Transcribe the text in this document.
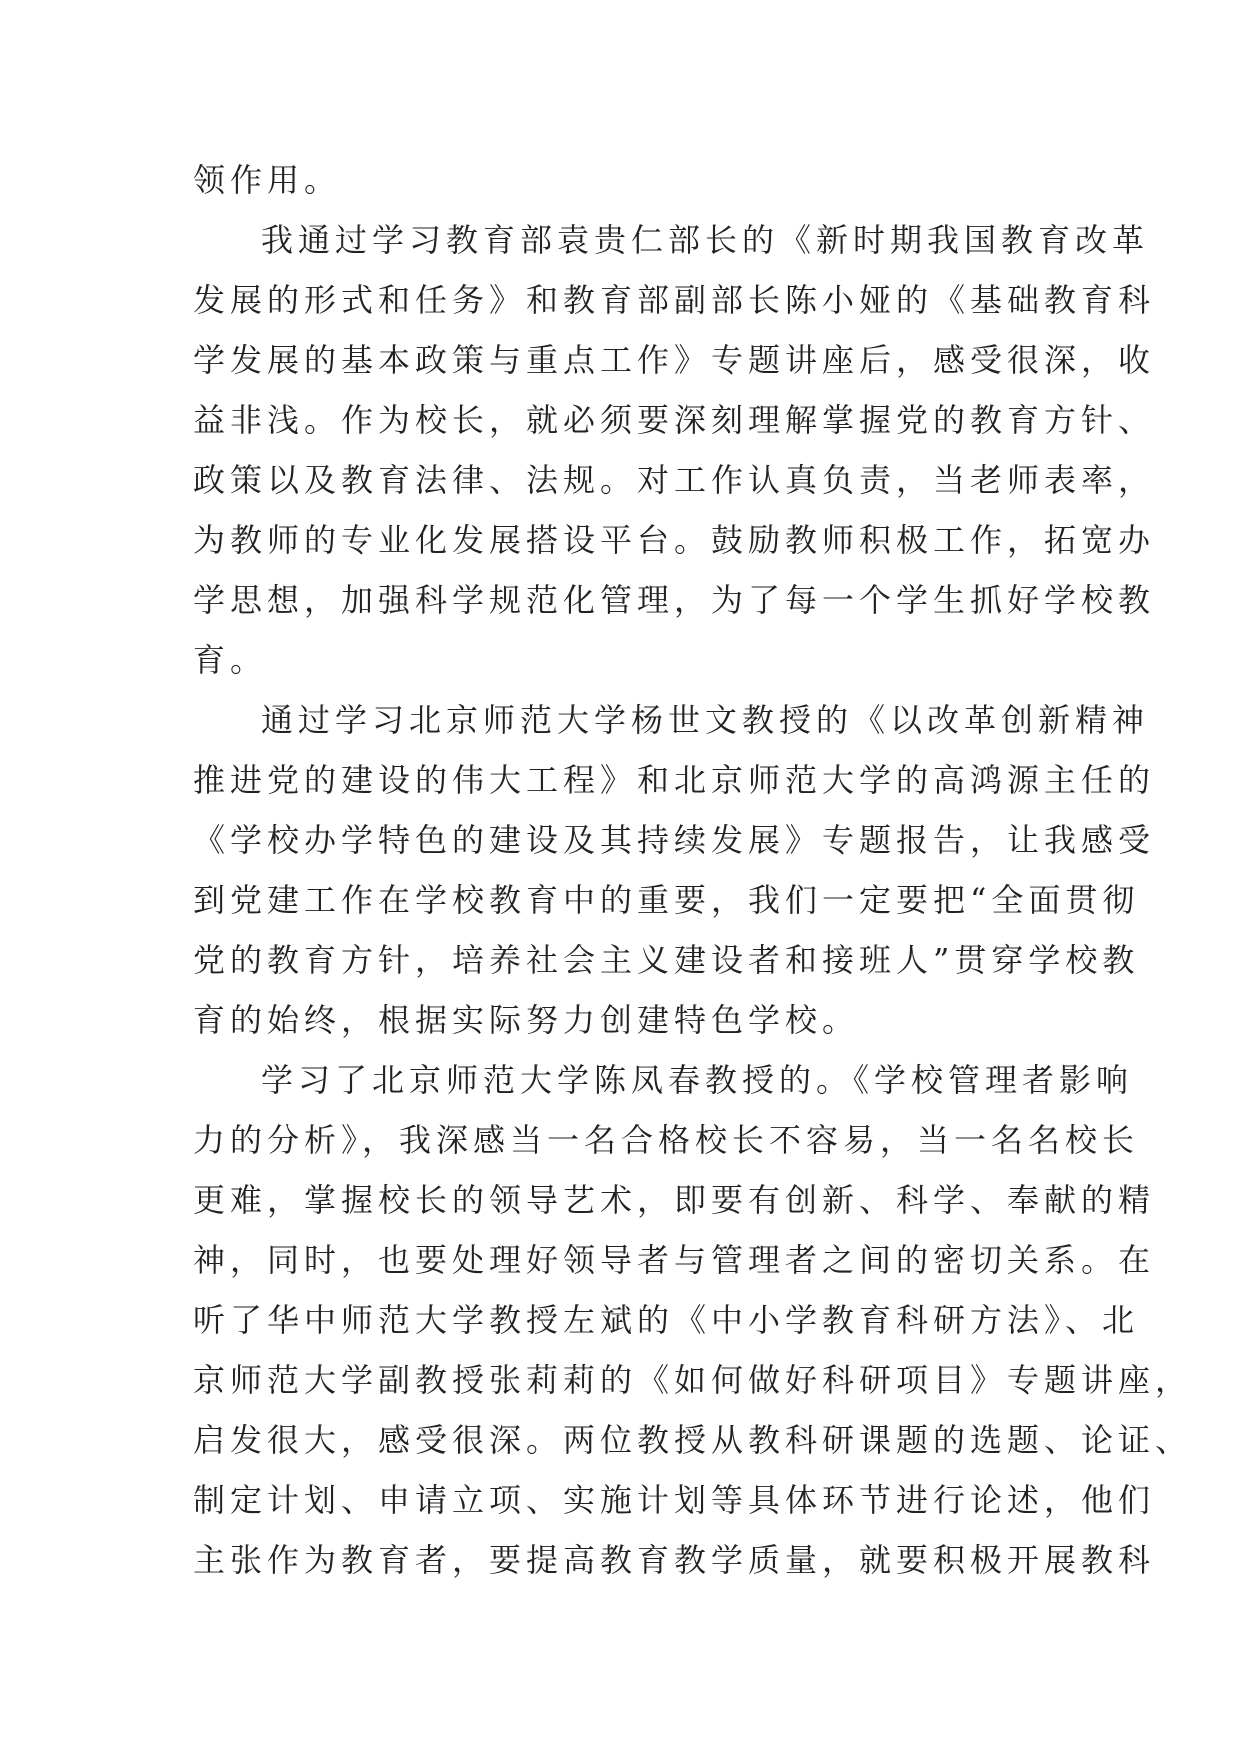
领作用。
我通过学习教育部袁贵仁部长的《新时期我国教育改革
发展的形式和任务》和教育部副部长陈小娅的《基础教育科
学发展的基本政策与重点工作》专题讲座后，感受很深，收
益非浅。作为校长，就必须要深刻理解掌握党的教育方针、
政策以及教育法律、法规。对工作认真负责，当老师表率，
为教师的专业化发展搭设平台。鼓励教师积极工作，拓宽办
学思想，加强科学规范化管理，为了每一个学生抓好学校教
育。
通过学习北京师范大学杨世文教授的《以改革创新精神
推进党的建设的伟大工程》和北京师范大学的高鸿源主任的
《学校办学特色的建设及其持续发展》专题报告，让我感受
到党建工作在学校教育中的重要，我们一定要把“全面贯彻
党的教育方针，培养社会主义建设者和接班人”贯穿学校教
育的始终，根据实际努力创建特色学校。
学习了北京师范大学陈凤春教授的。《学校管理者影响
力的分析》，我深感当一名合格校长不容易，当一名名校长
更难，掌握校长的领导艺术，即要有创新、科学、奉献的精
神，同时，也要处理好领导者与管理者之间的密切关系。在
听了华中师范大学教授左斌的《中小学教育科研方法》、北
京师范大学副教授张莉莉的《如何做好科研项目》专题讲座，
启发很大，感受很深。两位教授从教科研课题的选题、论证、
制定计划、申请立项、实施计划等具体环节进行论述，他们
主张作为教育者，要提高教育教学质量，就要积极开展教科
